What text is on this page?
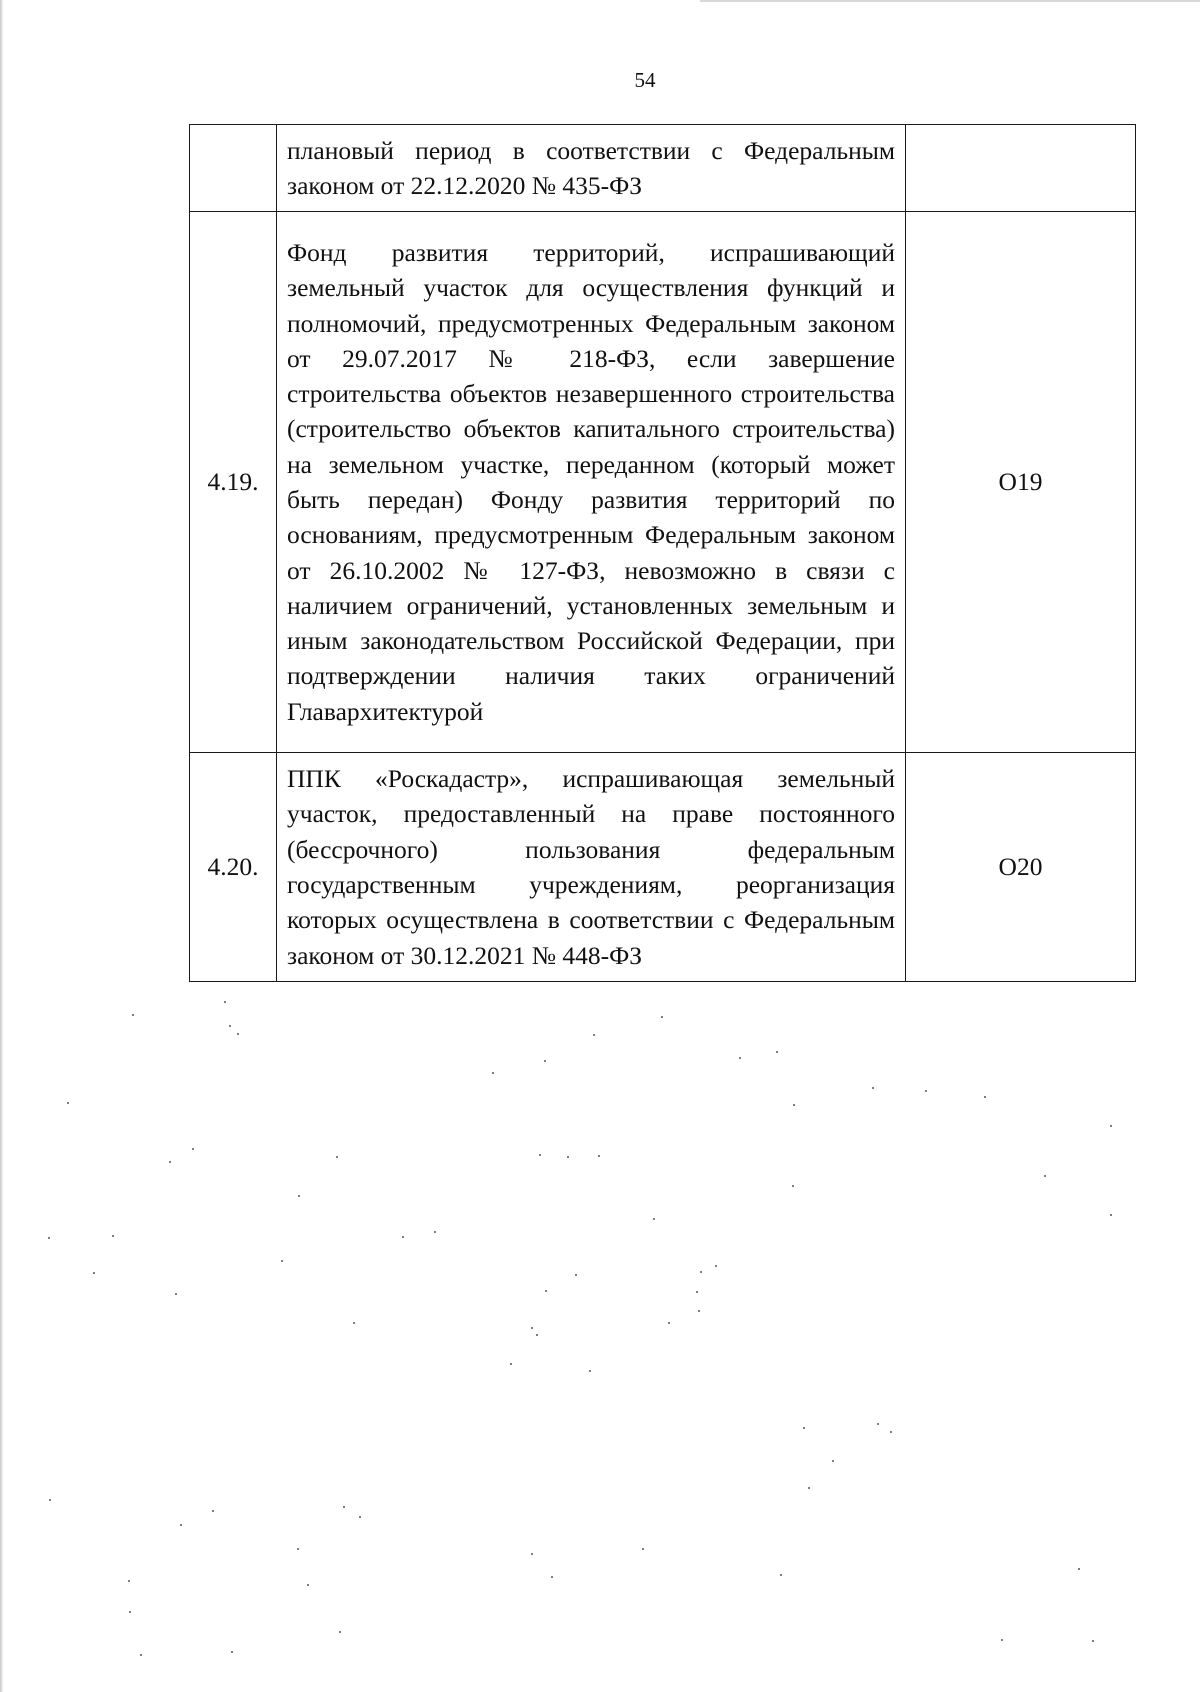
54
	плановый период в соответствии с Федеральным законом от 22.12.2020 № 435-ФЗ	
4.19.	Фонд развития территорий, испрашивающий земельный участок для осуществления функций и полномочий, предусмотренных Федеральным законом от 29.07.2017 № 218-ФЗ, если завершение строительства объектов незавершенного строительства (строительство объектов капитального строительства) на земельном участке, переданном (который может быть передан) Фонду развития территорий по основаниям, предусмотренным Федеральным законом от 26.10.2002 № 127-ФЗ, невозможно в связи с наличием ограничений, установленных земельным и иным законодательством Российской Федерации, при подтверждении наличия таких ограничений Главархитектурой	О19
4.20.	ППК «Роскадастр», испрашивающая земельный участок, предоставленный на праве постоянного (бессрочного) пользования федеральным государственным учреждениям, реорганизация которых осуществлена в соответствии с Федеральным законом от 30.12.2021 № 448-ФЗ	О20
